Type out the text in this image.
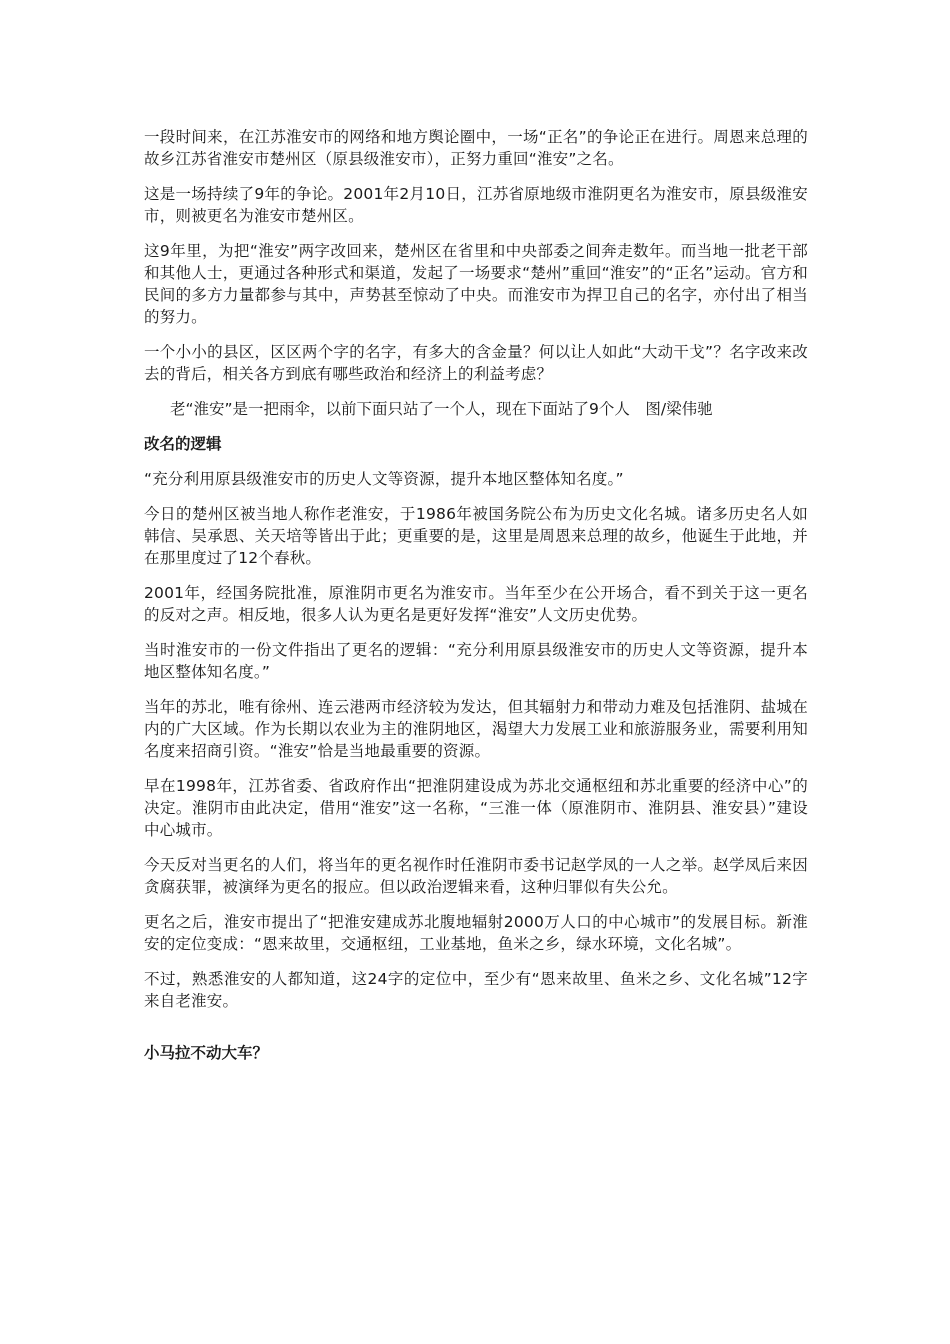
一段时间来，在江苏淮安市的网络和地方舆论圈中，一场“正名”的争论正在进行。周恩来总理的故乡江苏省淮安市楚州区（原县级淮安市），正努力重回“淮安”之名。

这是一场持续了9年的争论。2001年2月10日，江苏省原地级市淮阴更名为淮安市，原县级淮安市，则被更名为淮安市楚州区。

这9年里，为把“淮安”两字改回来，楚州区在省里和中央部委之间奔走数年。而当地一批老干部和其他人士，更通过各种形式和渠道，发起了一场要求“楚州”重回“淮安”的“正名”运动。官方和民间的多方力量都参与其中，声势甚至惊动了中央。而淮安市为捍卫自己的名字，亦付出了相当的努力。

一个小小的县区，区区两个字的名字，有多大的含金量？何以让人如此“大动干戈”？名字改来改去的背后，相关各方到底有哪些政治和经济上的利益考虑？

老“淮安”是一把雨伞，以前下面只站了一个人，现在下面站了9个人　图/梁伟驰

改名的逻辑

“充分利用原县级淮安市的历史人文等资源，提升本地区整体知名度。”

今日的楚州区被当地人称作老淮安，于1986年被国务院公布为历史文化名城。诸多历史名人如韩信、吴承恩、关天培等皆出于此；更重要的是，这里是周恩来总理的故乡，他诞生于此地，并在那里度过了12个春秋。

2001年，经国务院批准，原淮阴市更名为淮安市。当年至少在公开场合，看不到关于这一更名的反对之声。相反地，很多人认为更名是更好发挥“淮安”人文历史优势。

当时淮安市的一份文件指出了更名的逻辑：“充分利用原县级淮安市的历史人文等资源，提升本地区整体知名度。”

当年的苏北，唯有徐州、连云港两市经济较为发达，但其辐射力和带动力难及包括淮阴、盐城在内的广大区域。作为长期以农业为主的淮阴地区，渴望大力发展工业和旅游服务业，需要利用知名度来招商引资。“淮安”恰是当地最重要的资源。

早在1998年，江苏省委、省政府作出“把淮阴建设成为苏北交通枢纽和苏北重要的经济中心”的决定。淮阴市由此决定，借用“淮安”这一名称，“三淮一体（原淮阴市、淮阴县、淮安县）”建设中心城市。

今天反对当更名的人们，将当年的更名视作时任淮阴市委书记赵学凤的一人之举。赵学凤后来因贪腐获罪，被演绎为更名的报应。但以政治逻辑来看，这种归罪似有失公允。

更名之后，淮安市提出了“把淮安建成苏北腹地辐射2000万人口的中心城市”的发展目标。新淮安的定位变成：“恩来故里，交通枢纽，工业基地，鱼米之乡，绿水环境，文化名城”。

不过，熟悉淮安的人都知道，这24字的定位中，至少有“恩来故里、鱼米之乡、文化名城”12字来自老淮安。

小马拉不动大车？
